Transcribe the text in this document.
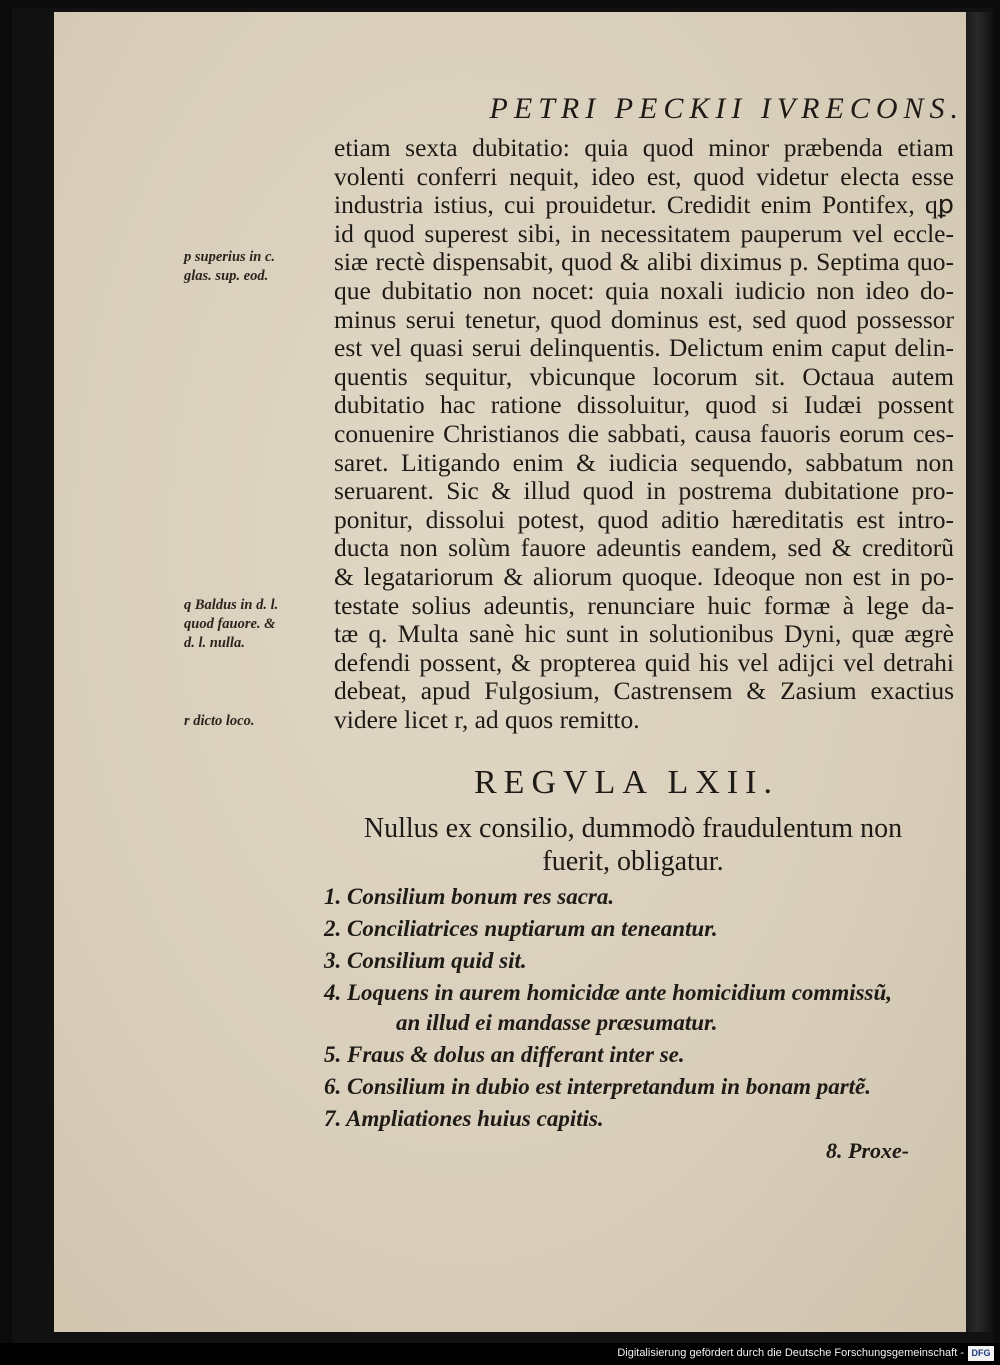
PETRI PECKII IVRECONS.
etiam sexta dubitatio: quia quod minor præbenda etiam
volenti conferri nequit, ideo est, quod videtur electa esse
industria istius, cui prouidetur. Credidit enim Pontifex, qꝑ
id quod superest sibi, in necessitatem pauperum vel eccle-
siæ rectè dispensabit, quod & alibi diximus p. Septima quo-
que dubitatio non nocet: quia noxali iudicio non ideo do-
minus serui tenetur, quod dominus est, sed quod possessor
est vel quasi serui delinquentis. Delictum enim caput delin-
quentis sequitur, vbicunque locorum sit. Octaua autem
dubitatio hac ratione dissoluitur, quod si Iudæi possent
conuenire Christianos die sabbati, causa fauoris eorum ces-
saret. Litigando enim & iudicia sequendo, sabbatum non
seruarent. Sic & illud quod in postrema dubitatione pro-
ponitur, dissolui potest, quod aditio hæreditatis est intro-
ducta non solùm fauore adeuntis eandem, sed & creditorũ
& legatariorum & aliorum quoque. Ideoque non est in po-
testate solius adeuntis, renunciare huic formæ à lege da-
tæ q. Multa sanè hic sunt in solutionibus Dyni, quæ ægrè
defendi possent, & propterea quid his vel adijci vel detrahi
debeat, apud Fulgosium, Castrensem & Zasium exactius
videre licet r, ad quos remitto.
p superius in c.
glas. sup. eod.
q Baldus in d. l.
quod fauore. &
d. l. nulla.
r dicto loco.
REGVLA LXII.
Nullus ex consilio, dummodò fraudulentum non fuerit, obligatur.
1. Consilium bonum res sacra.
2. Conciliatrices nuptiarum an teneantur.
3. Consilium quid sit.
4. Loquens in aurem homicidæ ante homicidium commissũ,
an illud ei mandasse præsumatur.
5. Fraus & dolus an differant inter se.
6. Consilium in dubio est interpretandum in bonam partẽ.
7. Ampliationes huius capitis.
8. Proxe-
Digitalisierung gefördert durch die Deutsche Forschungsgemeinschaft - DFG
